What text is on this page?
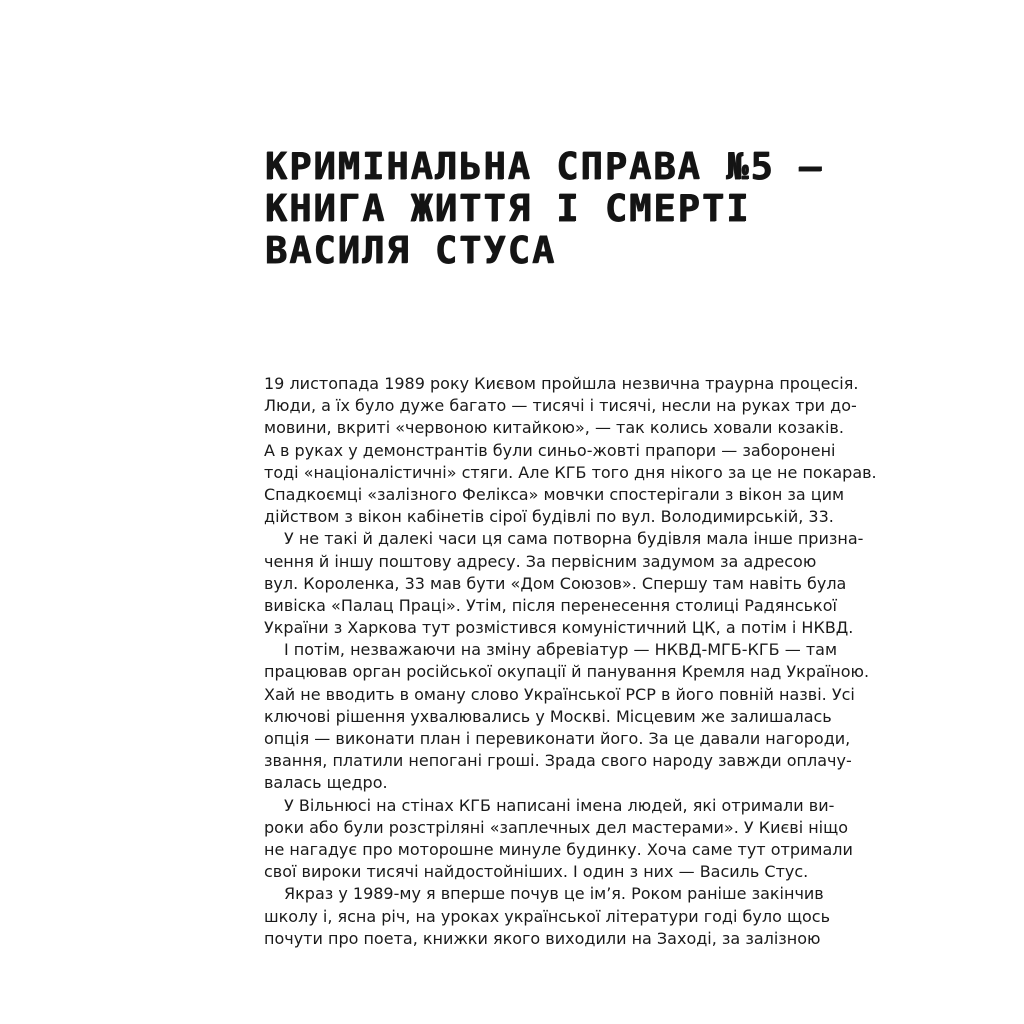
КРИМІНАЛЬНА СПРАВА №5 –
КНИГА ЖИТТЯ І СМЕРТІ
ВАСИЛЯ СТУСА
19 листопада 1989 року Києвом пройшла незвична траурна процесія.
Люди, а їх було дуже багато — тисячі і тисячі, несли на руках три до-
мовини, вкриті «червоною китайкою», — так колись ховали козаків.
А в руках у демонстрантів були синьо-жовті прапори — заборонені
тоді «націоналістичні» стяги. Але КГБ того дня нікого за це не покарав.
Спадкоємці «залізного Фелікса» мовчки спостерігали з вікон за цим
дійством з вікон кабінетів сірої будівлі по вул. Володимирській, 33.
У не такі й далекі часи ця сама потворна будівля мала інше призна-
чення й іншу поштову адресу. За первісним задумом за адресою
вул. Короленка, 33 мав бути «Дом Союзов». Спершу там навіть була
вивіска «Палац Праці». Утім, після перенесення столиці Радянської
України з Харкова тут розмістився комуністичний ЦК, а потім і НКВД.
І потім, незважаючи на зміну абревіатур — НКВД-МГБ-КГБ — там
працював орган російської окупації й панування Кремля над Україною.
Хай не вводить в оману слово Української РСР в його повній назві. Усі
ключові рішення ухвалювались у Москві. Місцевим же залишалась
опція — виконати план і перевиконати його. За це давали нагороди,
звання, платили непогані гроші. Зрада свого народу завжди оплачу-
валась щедро.
У Вільнюсі на стінах КГБ написані імена людей, які отримали ви-
роки або були розстріляні «заплечных дел мастерами». У Києві ніщо
не нагадує про моторошне минуле будинку. Хоча саме тут отримали
свої вироки тисячі найдостойніших. І один з них — Василь Стус.
Якраз у 1989-му я вперше почув це ім’я. Роком раніше закінчив
школу і, ясна річ, на уроках української літератури годі було щось
почути про поета, книжки якого виходили на Заході, за залізною
